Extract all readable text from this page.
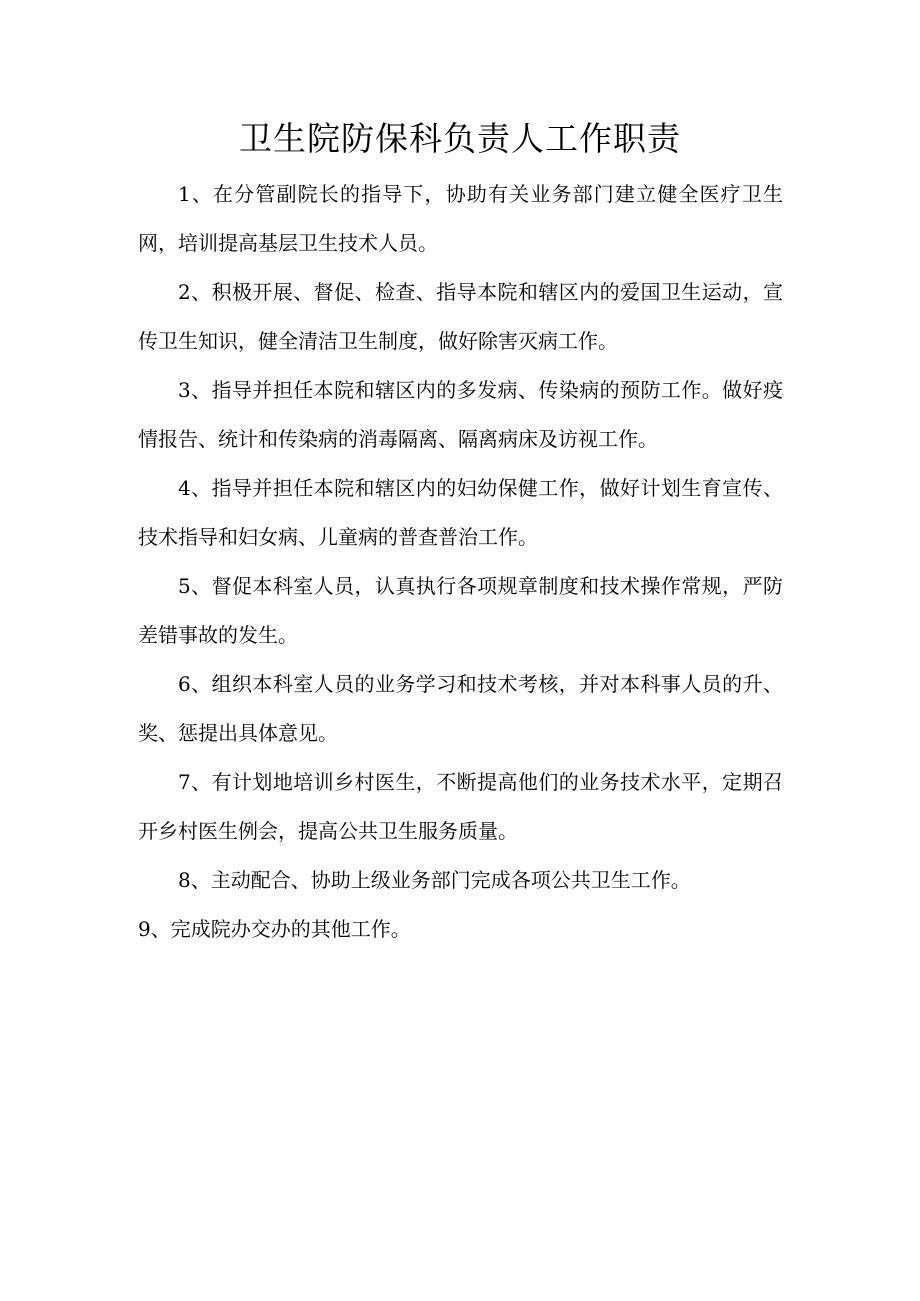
卫生院防保科负责人工作职责

1、在分管副院长的指导下，协助有关业务部门建立健全医疗卫生网，培训提高基层卫生技术人员。

2、积极开展、督促、检查、指导本院和辖区内的爱国卫生运动，宣传卫生知识，健全清洁卫生制度，做好除害灭病工作。

3、指导并担任本院和辖区内的多发病、传染病的预防工作。做好疫情报告、统计和传染病的消毒隔离、隔离病床及访视工作。

4、指导并担任本院和辖区内的妇幼保健工作，做好计划生育宣传、技术指导和妇女病、儿童病的普查普治工作。

5、督促本科室人员，认真执行各项规章制度和技术操作常规，严防差错事故的发生。

6、组织本科室人员的业务学习和技术考核，并对本科事人员的升、奖、惩提出具体意见。

7、有计划地培训乡村医生，不断提高他们的业务技术水平，定期召开乡村医生例会，提高公共卫生服务质量。

8、主动配合、协助上级业务部门完成各项公共卫生工作。

9、完成院办交办的其他工作。
